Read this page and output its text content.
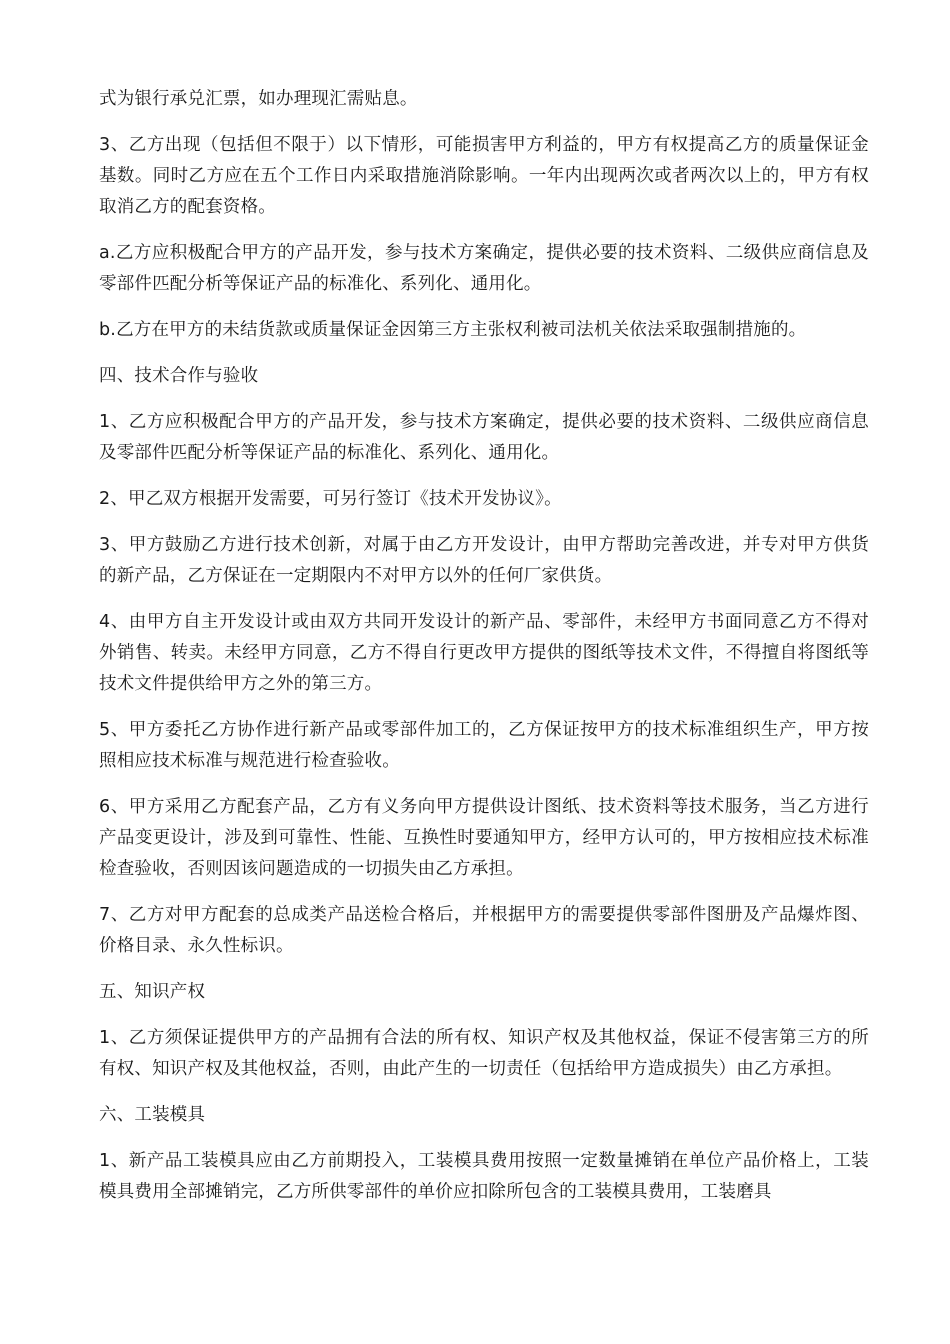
式为银行承兑汇票，如办理现汇需贴息。

3、乙方出现（包括但不限于）以下情形，可能损害甲方利益的，甲方有权提高乙方的质量保证金基数。同时乙方应在五个工作日内采取措施消除影响。一年内出现两次或者两次以上的，甲方有权取消乙方的配套资格。

a.乙方应积极配合甲方的产品开发，参与技术方案确定，提供必要的技术资料、二级供应商信息及零部件匹配分析等保证产品的标准化、系列化、通用化。

b.乙方在甲方的未结货款或质量保证金因第三方主张权利被司法机关依法采取强制措施的。

四、技术合作与验收

1、乙方应积极配合甲方的产品开发，参与技术方案确定，提供必要的技术资料、二级供应商信息及零部件匹配分析等保证产品的标准化、系列化、通用化。

2、甲乙双方根据开发需要，可另行签订《技术开发协议》。

3、甲方鼓励乙方进行技术创新，对属于由乙方开发设计，由甲方帮助完善改进，并专对甲方供货的新产品，乙方保证在一定期限内不对甲方以外的任何厂家供货。

4、由甲方自主开发设计或由双方共同开发设计的新产品、零部件，未经甲方书面同意乙方不得对外销售、转卖。未经甲方同意，乙方不得自行更改甲方提供的图纸等技术文件，不得擅自将图纸等技术文件提供给甲方之外的第三方。

5、甲方委托乙方协作进行新产品或零部件加工的，乙方保证按甲方的技术标准组织生产，甲方按照相应技术标准与规范进行检查验收。

6、甲方采用乙方配套产品，乙方有义务向甲方提供设计图纸、技术资料等技术服务，当乙方进行产品变更设计，涉及到可靠性、性能、互换性时要通知甲方，经甲方认可的，甲方按相应技术标准检查验收，否则因该问题造成的一切损失由乙方承担。

7、乙方对甲方配套的总成类产品送检合格后，并根据甲方的需要提供零部件图册及产品爆炸图、价格目录、永久性标识。

五、知识产权

1、乙方须保证提供甲方的产品拥有合法的所有权、知识产权及其他权益，保证不侵害第三方的所有权、知识产权及其他权益，否则，由此产生的一切责任（包括给甲方造成损失）由乙方承担。

六、工装模具

1、新产品工装模具应由乙方前期投入，工装模具费用按照一定数量摊销在单位产品价格上，工装模具费用全部摊销完，乙方所供零部件的单价应扣除所包含的工装模具费用，工装磨具
